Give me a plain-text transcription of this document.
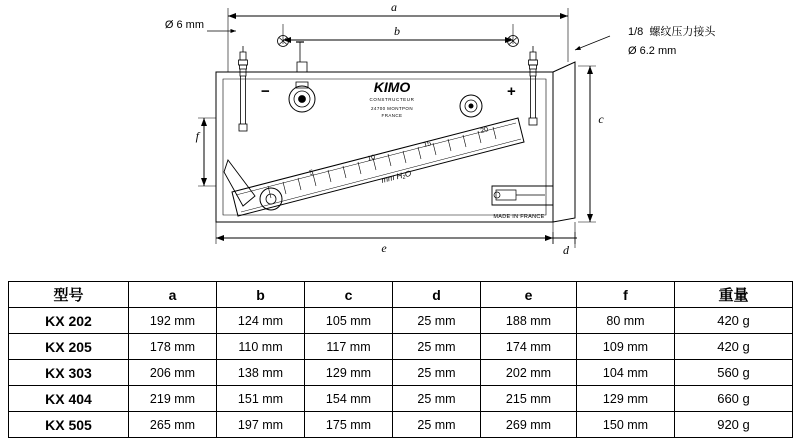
a
b
c
f
e	d
Ø 6 mm
1/8  螺纹压力接头
Ø 6.2 mm
−	+
KIMO
CONSTRUCTEUR
24700 MONTPON
FRANCE
MADE IN FRANCE
5
10
15
20
mm H₂O
型号	a	b	c	d	e	f	重量
KX 202	192 mm	124 mm	105 mm	25 mm	188 mm	80 mm	420 g
KX 205	178 mm	110 mm	117 mm	25 mm	174 mm	109 mm	420 g
KX 303	206 mm	138 mm	129 mm	25 mm	202 mm	104 mm	560 g
KX 404	219 mm	151 mm	154 mm	25 mm	215 mm	129 mm	660 g
KX 505	265 mm	197 mm	175 mm	25 mm	269 mm	150 mm	920 g
